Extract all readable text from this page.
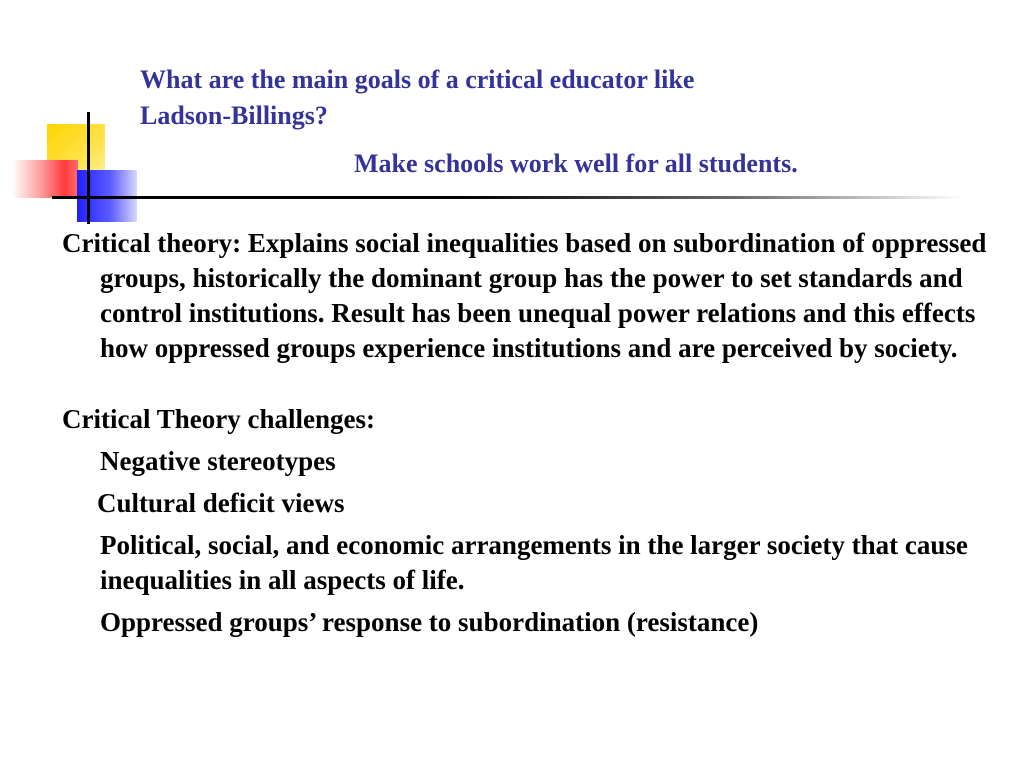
What are the main goals of a critical educator like
Ladson-Billings?
Make schools work well for all students.

Critical theory: Explains social inequalities based on subordination of oppressed groups, historically the dominant group has the power to set standards and control institutions. Result has been unequal power relations and this effects how oppressed groups experience institutions and are perceived by society.

Critical Theory challenges:

Negative stereotypes

Cultural deficit views

Political, social, and economic arrangements in the larger society that cause inequalities in all aspects of life.

Oppressed groups’ response to subordination (resistance)
